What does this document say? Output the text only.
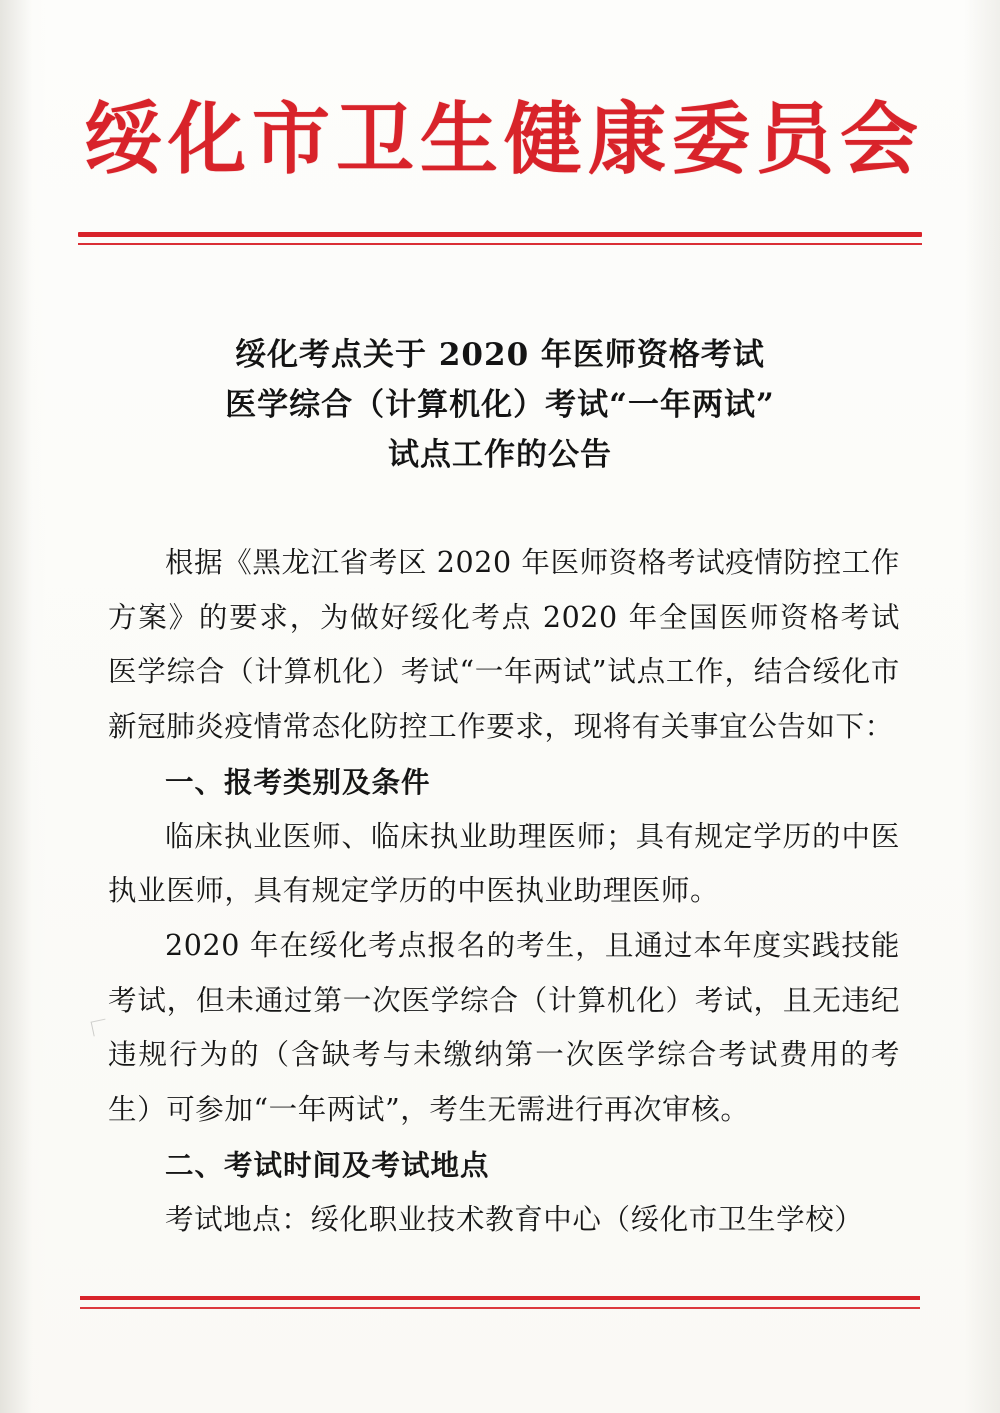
绥化市卫生健康委员会
绥化考点关于 2020 年医师资格考试
医学综合（计算机化）考试“一年两试”
试点工作的公告

根据《黑龙江省考区 2020 年医师资格考试疫情防控工作方案》的要求，为做好绥化考点 2020 年全国医师资格考试医学综合（计算机化）考试“一年两试”试点工作，结合绥化市新冠肺炎疫情常态化防控工作要求，现将有关事宜公告如下：

一、报考类别及条件

临床执业医师、临床执业助理医师；具有规定学历的中医执业医师，具有规定学历的中医执业助理医师。

2020 年在绥化考点报名的考生，且通过本年度实践技能考试，但未通过第一次医学综合（计算机化）考试，且无违纪违规行为的（含缺考与未缴纳第一次医学综合考试费用的考生）可参加“一年两试”，考生无需进行再次审核。

二、考试时间及考试地点

考试地点：绥化职业技术教育中心（绥化市卫生学校）
